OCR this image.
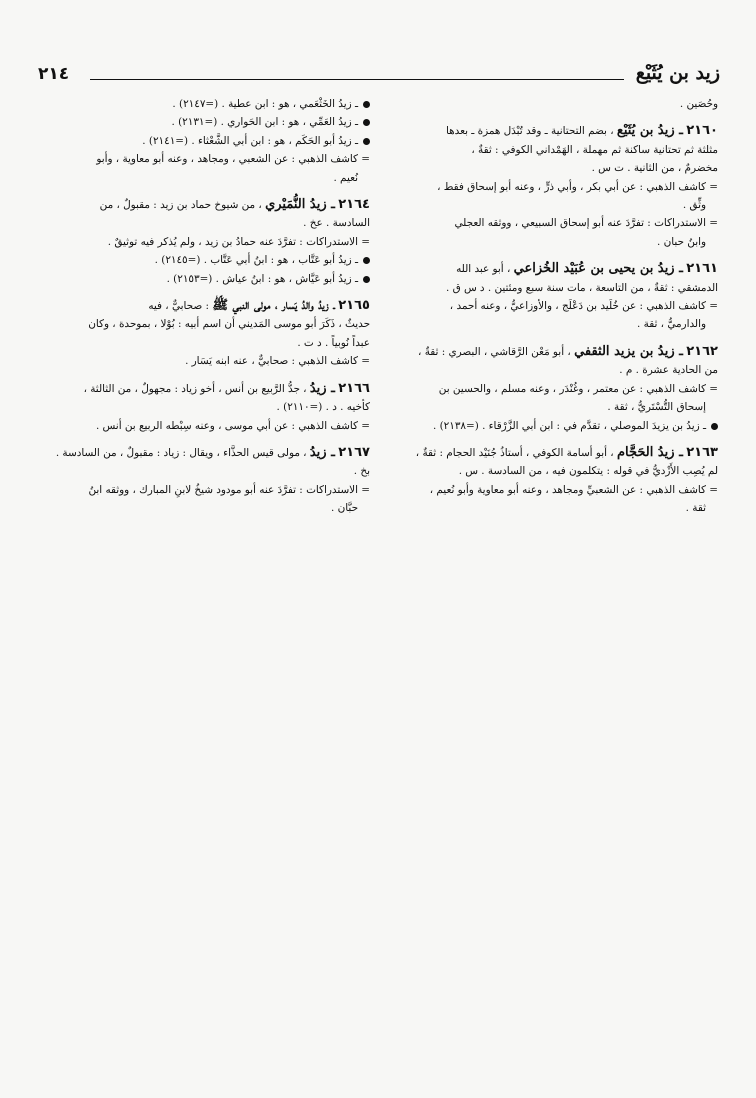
٢١٤	زيد بن يُثَيْع
وحُصَين .
٢١٦٠ ـ زيدُ بن يُثَيْع ، بضم التحتانية ـ وقد تُبْدَل همزة ـ بعدها
مثلثة ثم تحتانية ساكنة ثم مهملة ، الهَمْداني الكوفي : ثقةٌ ،
مخضرمٌ ، من الثانية . ت س .
= كاشف الذهبي : عن أبي بكر ، وأبي ذرٍّ ، وعنه أبو إسحاق فقط ،
وثِّق .
= الاستدراكات : تفرَّدَ عنه أبو إسحاق السبيعي ، ووثقه العجلي
وابنُ حبان .
٢١٦١ ـ زيدُ بن يحيى بن عُبَيْد الخُزاعي ، أبو عبد الله
الدمشقي : ثقةٌ ، من التاسعة ، مات سنة سبع ومئتين . د س ق .
= كاشف الذهبي : عن خُلَيد بن دَعْلَج ، والأوزاعيُّ ، وعنه أحمد ،
والدارميُّ ، ثقة .
٢١٦٢ ـ زيدُ بن يزيد الثقفي ، أبو مَعْن الرَّقاشي ، البصري : ثقةٌ ،
من الحادية عشرة . م .
= كاشف الذهبي : عن معتمر ، وغُنْدَر ، وعنه مسلم ، والحسين بن
إسحاق التُّسْتَريُّ ، ثقة .
ـ زيدُ بن يزيدَ الموصلي ، تقدَّم في : ابن أبي الزَّرْقاء . (=٢١٣٨) .
٢١٦٣ ـ زيدُ الحَجَّام ، أبو أسامة الكوفي ، أستاذُ جُنَيْد الحجام : ثقةٌ ،
لم يُصِب الأَزْديُّ في قوله : يتكلمون فيه ، من السادسة . س .
= كاشف الذهبي : عن الشعبيِّ ومجاهد ، وعنه أبو معاوية وأبو نُعيم ،
ثقة .
ـ زيدُ الخَثْعَمي ، هو : ابن عطية . (=٢١٤٧) .
ـ زيدُ العَمِّي ، هو : ابن الحَواري . (=٢١٣١) .
ـ زيدُ أبو الحَكَم ، هو : ابن أبي الشَّعْثاء . (=٢١٤١) .
= كاشف الذهبي : عن الشعبي ، ومجاهد ، وعنه أبو معاوية ، وأبو
نُعيم .
٢١٦٤ ـ زيدُ النُّمَيْري ، من شيوخ حماد بن زيد : مقبولٌ ، من
السادسة . عخ .
= الاستدراكات : تفرَّدَ عنه حمادُ بن زيد ، ولم يُذكر فيه توثيقٌ .
ـ زيدُ أبو عَتَّاب ، هو : ابنُ أبي عَتَّاب . (=٢١٤٥) .
ـ زيدُ أبو عَيَّاش ، هو : ابنُ عياش . (=٢١٥٣) .
٢١٦٥ ـ زيدُ والدُ يَسار ، مولى النبي ﷺ : صحابيٌّ ، فيه
حديثٌ ، ذَكَرَ أبو موسى المَديني أن اسم أبيه : بُوْلا ، بموحدة ، وكان
عبداً نُوبياً . د ت .
= كاشف الذهبي : صحابيٌّ ، عنه ابنه يَسَار .
٢١٦٦ ـ زيدُ ، جدُّ الرَّبيع بن أنس ، أخو زياد : مجهولٌ ، من الثالثة ،
كأخيه . د . (=٢١١٠) .
= كاشف الذهبي : عن أبي موسى ، وعنه سِبْطه الربيع بن أنس .
٢١٦٧ ـ زيدُ ، مولى قيس الحذَّاء ، ويقال : زياد : مقبولٌ ، من السادسة .
بخ .
= الاستدراكات : تفرَّدَ عنه أبو مودود شيخُ لابنِ المبارك ، ووثقه ابنُ
حبَّان .
